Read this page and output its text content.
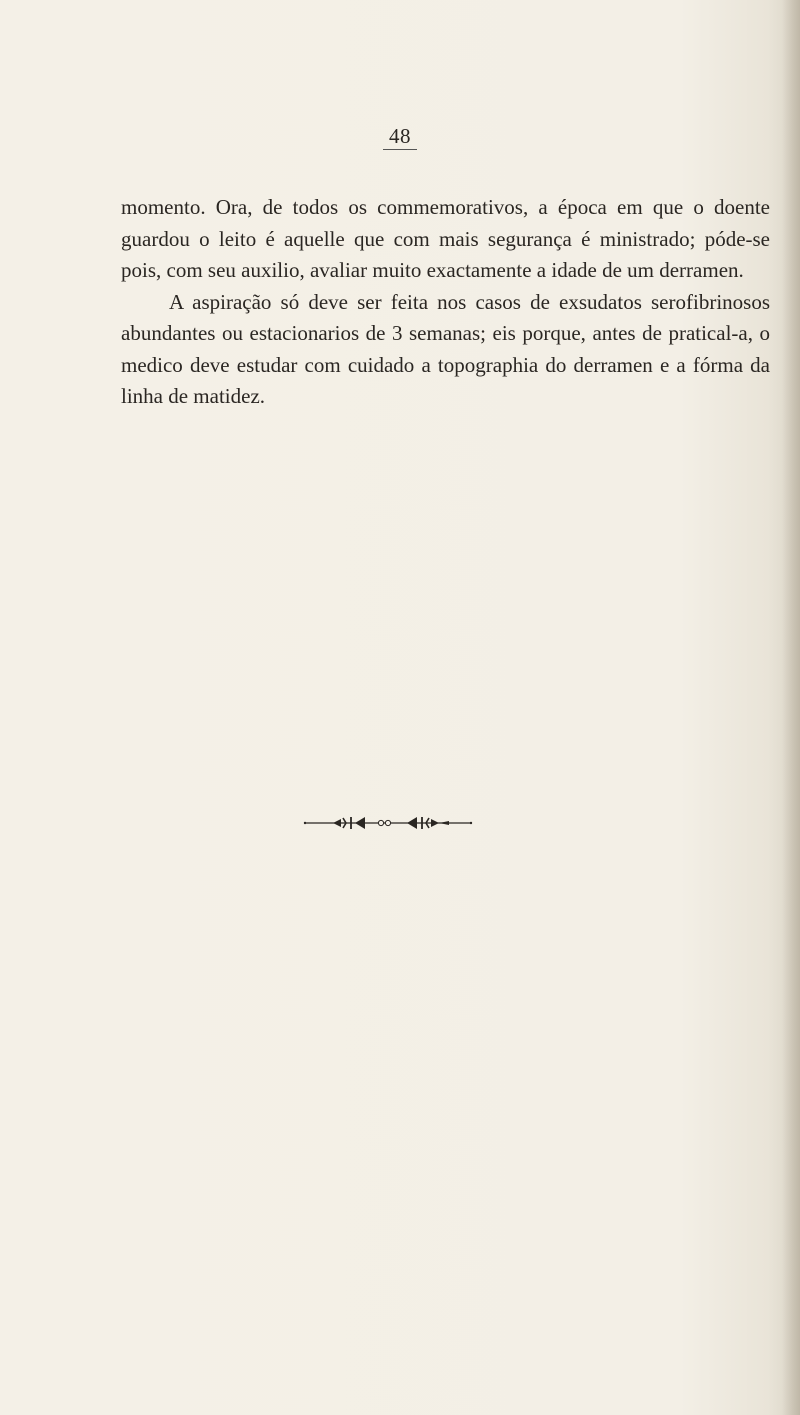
48

momento. Ora, de todos os commemorativos, a época em que o doente guardou o leito é aquelle que com mais segurança é ministrado; póde-se pois, com seu auxilio, avaliar muito exactamente a idade de um derramen.

A aspiração só deve ser feita nos casos de exsudatos serofibrinosos abundantes ou estacionarios de 3 semanas; eis porque, antes de pratical-a, o medico deve estudar com cuidado a topographia do derramen e a fórma da linha de matidez.
